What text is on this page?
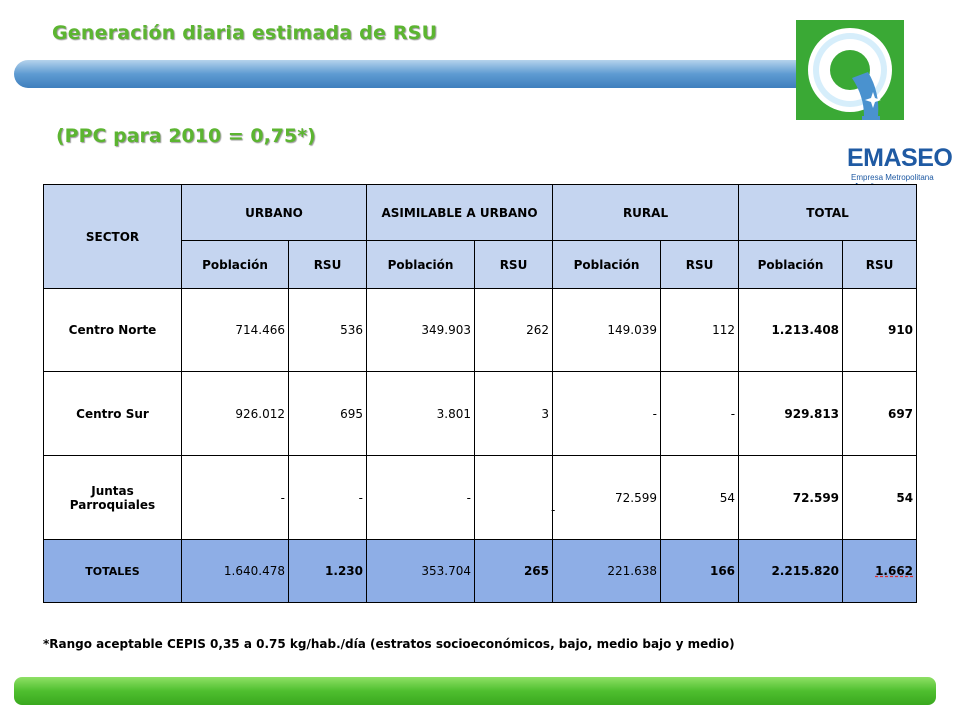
Generación diaria estimada de RSU
EMASEO
Empresa Metropolitana
(PPC para 2010 = 0,75*)
SECTOR	URBANO		ASIMILABLE A URBANO		RURAL		TOTAL	
	Población	RSU	Población	RSU	Población	RSU	Población	RSU
Centro Norte	714.466	536	349.903	262	149.039	112	1.213.408	910
Centro Sur	926.012	695	3.801	3	-	-	929.813	697
Juntas Parroquiales	-	-	-	-	72.599	54	72.599	54
TOTALES	1.640.478	1.230	353.704	265	221.638	166	2.215.820	1.662

*Rango aceptable CEPIS 0,35 a 0.75 kg/hab./día (estratos socioeconómicos, bajo, medio bajo y medio)
